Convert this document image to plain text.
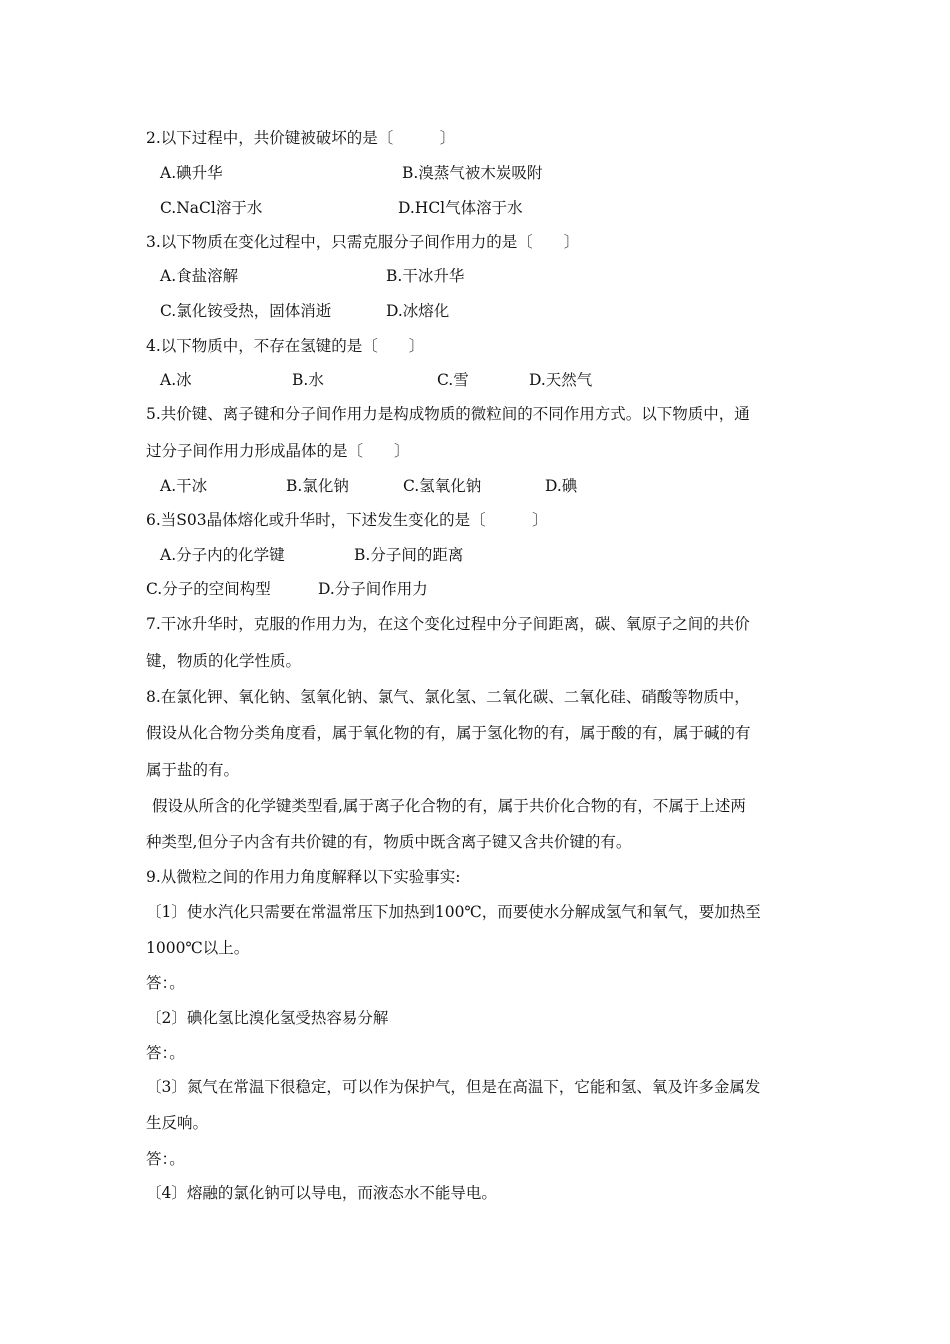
2.以下过程中，共价键被破坏的是〔　　　〕
A.碘升华	B.溴蒸气被木炭吸附
C.NaCl溶于水	D.HCl气体溶于水
3.以下物质在变化过程中，只需克服分子间作用力的是〔　　〕
A.食盐溶解	B.干冰升华
C.氯化铵受热，固体消逝	D.冰熔化
4.以下物质中，不存在氢键的是〔　　〕
A.冰	B.水	C.雪	D.天然气
5.共价键、离子键和分子间作用力是构成物质的微粒间的不同作用方式。以下物质中，通
过分子间作用力形成晶体的是〔　　〕
A.干冰	B.氯化钠	C.氢氧化钠	D.碘
6.当S03晶体熔化或升华时，下述发生变化的是〔　　　〕
A.分子内的化学键	B.分子间的距离
C.分子的空间构型	D.分子间作用力
7.干冰升华时，克服的作用力为，在这个变化过程中分子间距离，碳、氧原子之间的共价
键，物质的化学性质。
8.在氯化钾、氧化钠、氢氧化钠、氯气、氯化氢、二氧化碳、二氧化硅、硝酸等物质中，
假设从化合物分类角度看，属于氧化物的有，属于氢化物的有，属于酸的有，属于碱的有
属于盐的有。
假设从所含的化学键类型看,属于离子化合物的有，属于共价化合物的有，不属于上述两
种类型,但分子内含有共价键的有，物质中既含离子键又含共价键的有。
9.从微粒之间的作用力角度解释以下实验事实:
〔1〕使水汽化只需要在常温常压下加热到100℃，而要使水分解成氢气和氧气，要加热至
1000℃以上。
答：。
〔2〕碘化氢比溴化氢受热容易分解
答：。
〔3〕氮气在常温下很稳定，可以作为保护气，但是在高温下，它能和氢、氧及许多金属发
生反响。
答：。
〔4〕熔融的氯化钠可以导电，而液态水不能导电。
